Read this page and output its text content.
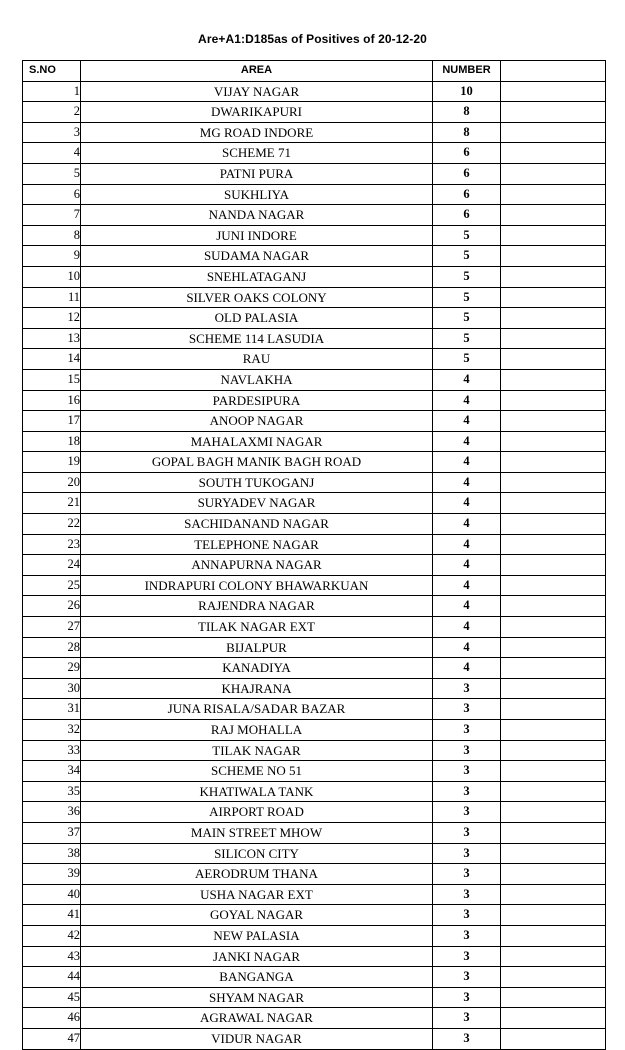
Are+A1:D185as of Positives of 20-12-20
S.NO	AREA	NUMBER	
1	VIJAY NAGAR	10	
2	DWARIKAPURI	8	
3	MG ROAD INDORE	8	
4	SCHEME 71	6	
5	PATNI PURA	6	
6	SUKHLIYA	6	
7	NANDA NAGAR	6	
8	JUNI INDORE	5	
9	SUDAMA NAGAR	5	
10	SNEHLATAGANJ	5	
11	SILVER OAKS COLONY	5	
12	OLD PALASIA	5	
13	SCHEME 114 LASUDIA	5	
14	RAU	5	
15	NAVLAKHA	4	
16	PARDESIPURA	4	
17	ANOOP NAGAR	4	
18	MAHALAXMI NAGAR	4	
19	GOPAL BAGH MANIK BAGH ROAD	4	
20	SOUTH TUKOGANJ	4	
21	SURYADEV NAGAR	4	
22	SACHIDANAND NAGAR	4	
23	TELEPHONE NAGAR	4	
24	ANNAPURNA NAGAR	4	
25	INDRAPURI COLONY BHAWARKUAN	4	
26	RAJENDRA NAGAR	4	
27	TILAK NAGAR EXT	4	
28	BIJALPUR	4	
29	KANADIYA	4	
30	KHAJRANA	3	
31	JUNA RISALA/SADAR BAZAR	3	
32	RAJ MOHALLA	3	
33	TILAK NAGAR	3	
34	SCHEME NO 51	3	
35	KHATIWALA TANK	3	
36	AIRPORT ROAD	3	
37	MAIN STREET MHOW	3	
38	SILICON CITY	3	
39	AERODRUM THANA	3	
40	USHA NAGAR EXT	3	
41	GOYAL NAGAR	3	
42	NEW PALASIA	3	
43	JANKI NAGAR	3	
44	BANGANGA	3	
45	SHYAM NAGAR	3	
46	AGRAWAL NAGAR	3	
47	VIDUR NAGAR	3	
